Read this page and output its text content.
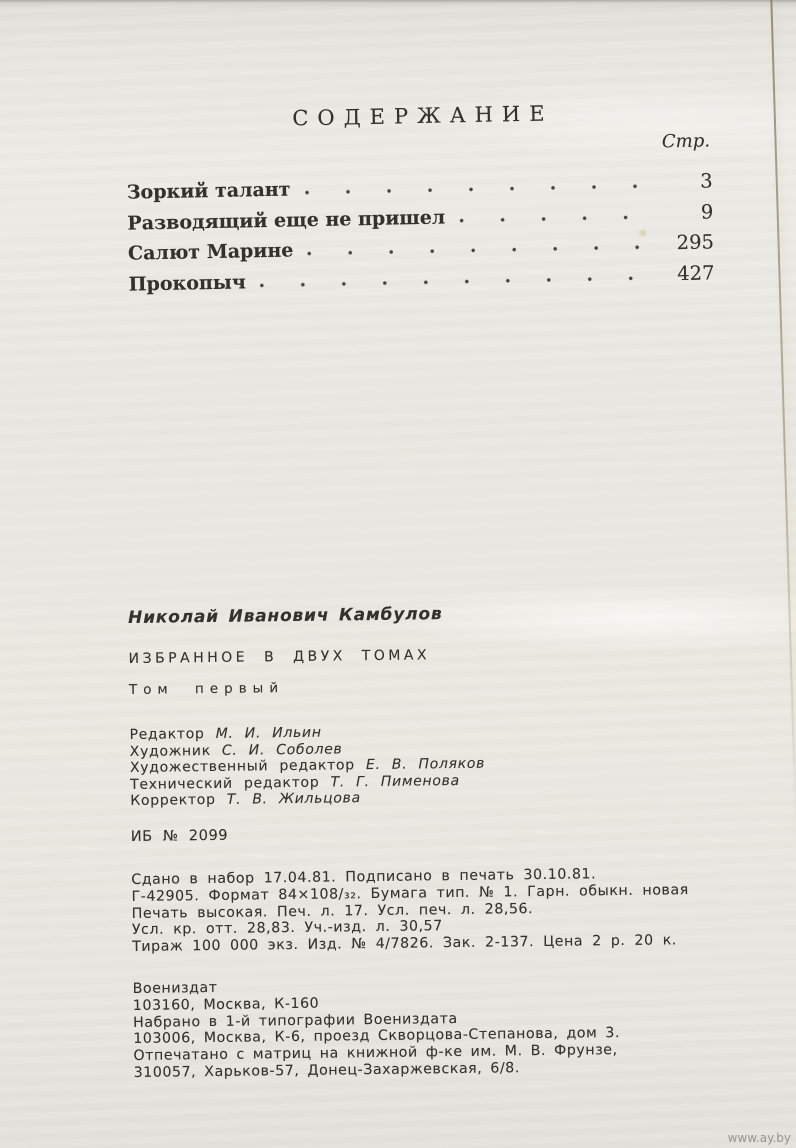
СОДЕРЖАНИЕ
Стр.
Зоркий талант	3
Разводящий еще не пришел	9
Салют Марине	295
Прокопыч	427
Николай Иванович Камбулов
ИЗБРАННОЕ В ДВУХ ТОМАХ
Том первый
Редактор М. И. Ильин
Художник С. И. Соболев
Художественный редактор Е. В. Поляков
Технический редактор Т. Г. Пименова
Корректор Т. В. Жильцова
ИБ № 2099
Сдано в набор 17.04.81. Подписано в печать 30.10.81.
Г-42905. Формат 84×108/₃₂. Бумага тип. № 1. Гарн. обыкн. новая
Печать высокая. Печ. л. 17. Усл. печ. л. 28,56.
Усл. кр. отт. 28,83. Уч.-изд. л. 30,57
Тираж 100 000 экз. Изд. № 4/7826. Зак. 2-137. Цена 2 р. 20 к.
Воениздат
103160, Москва, К-160
Набрано в 1-й типографии Воениздата
103006, Москва, К-6, проезд Скворцова-Степанова, дом 3.
Отпечатано с матриц на книжной ф-ке им. М. В. Фрунзе,
310057, Харьков-57, Донец-Захаржевская, 6/8.
www.ay.by
